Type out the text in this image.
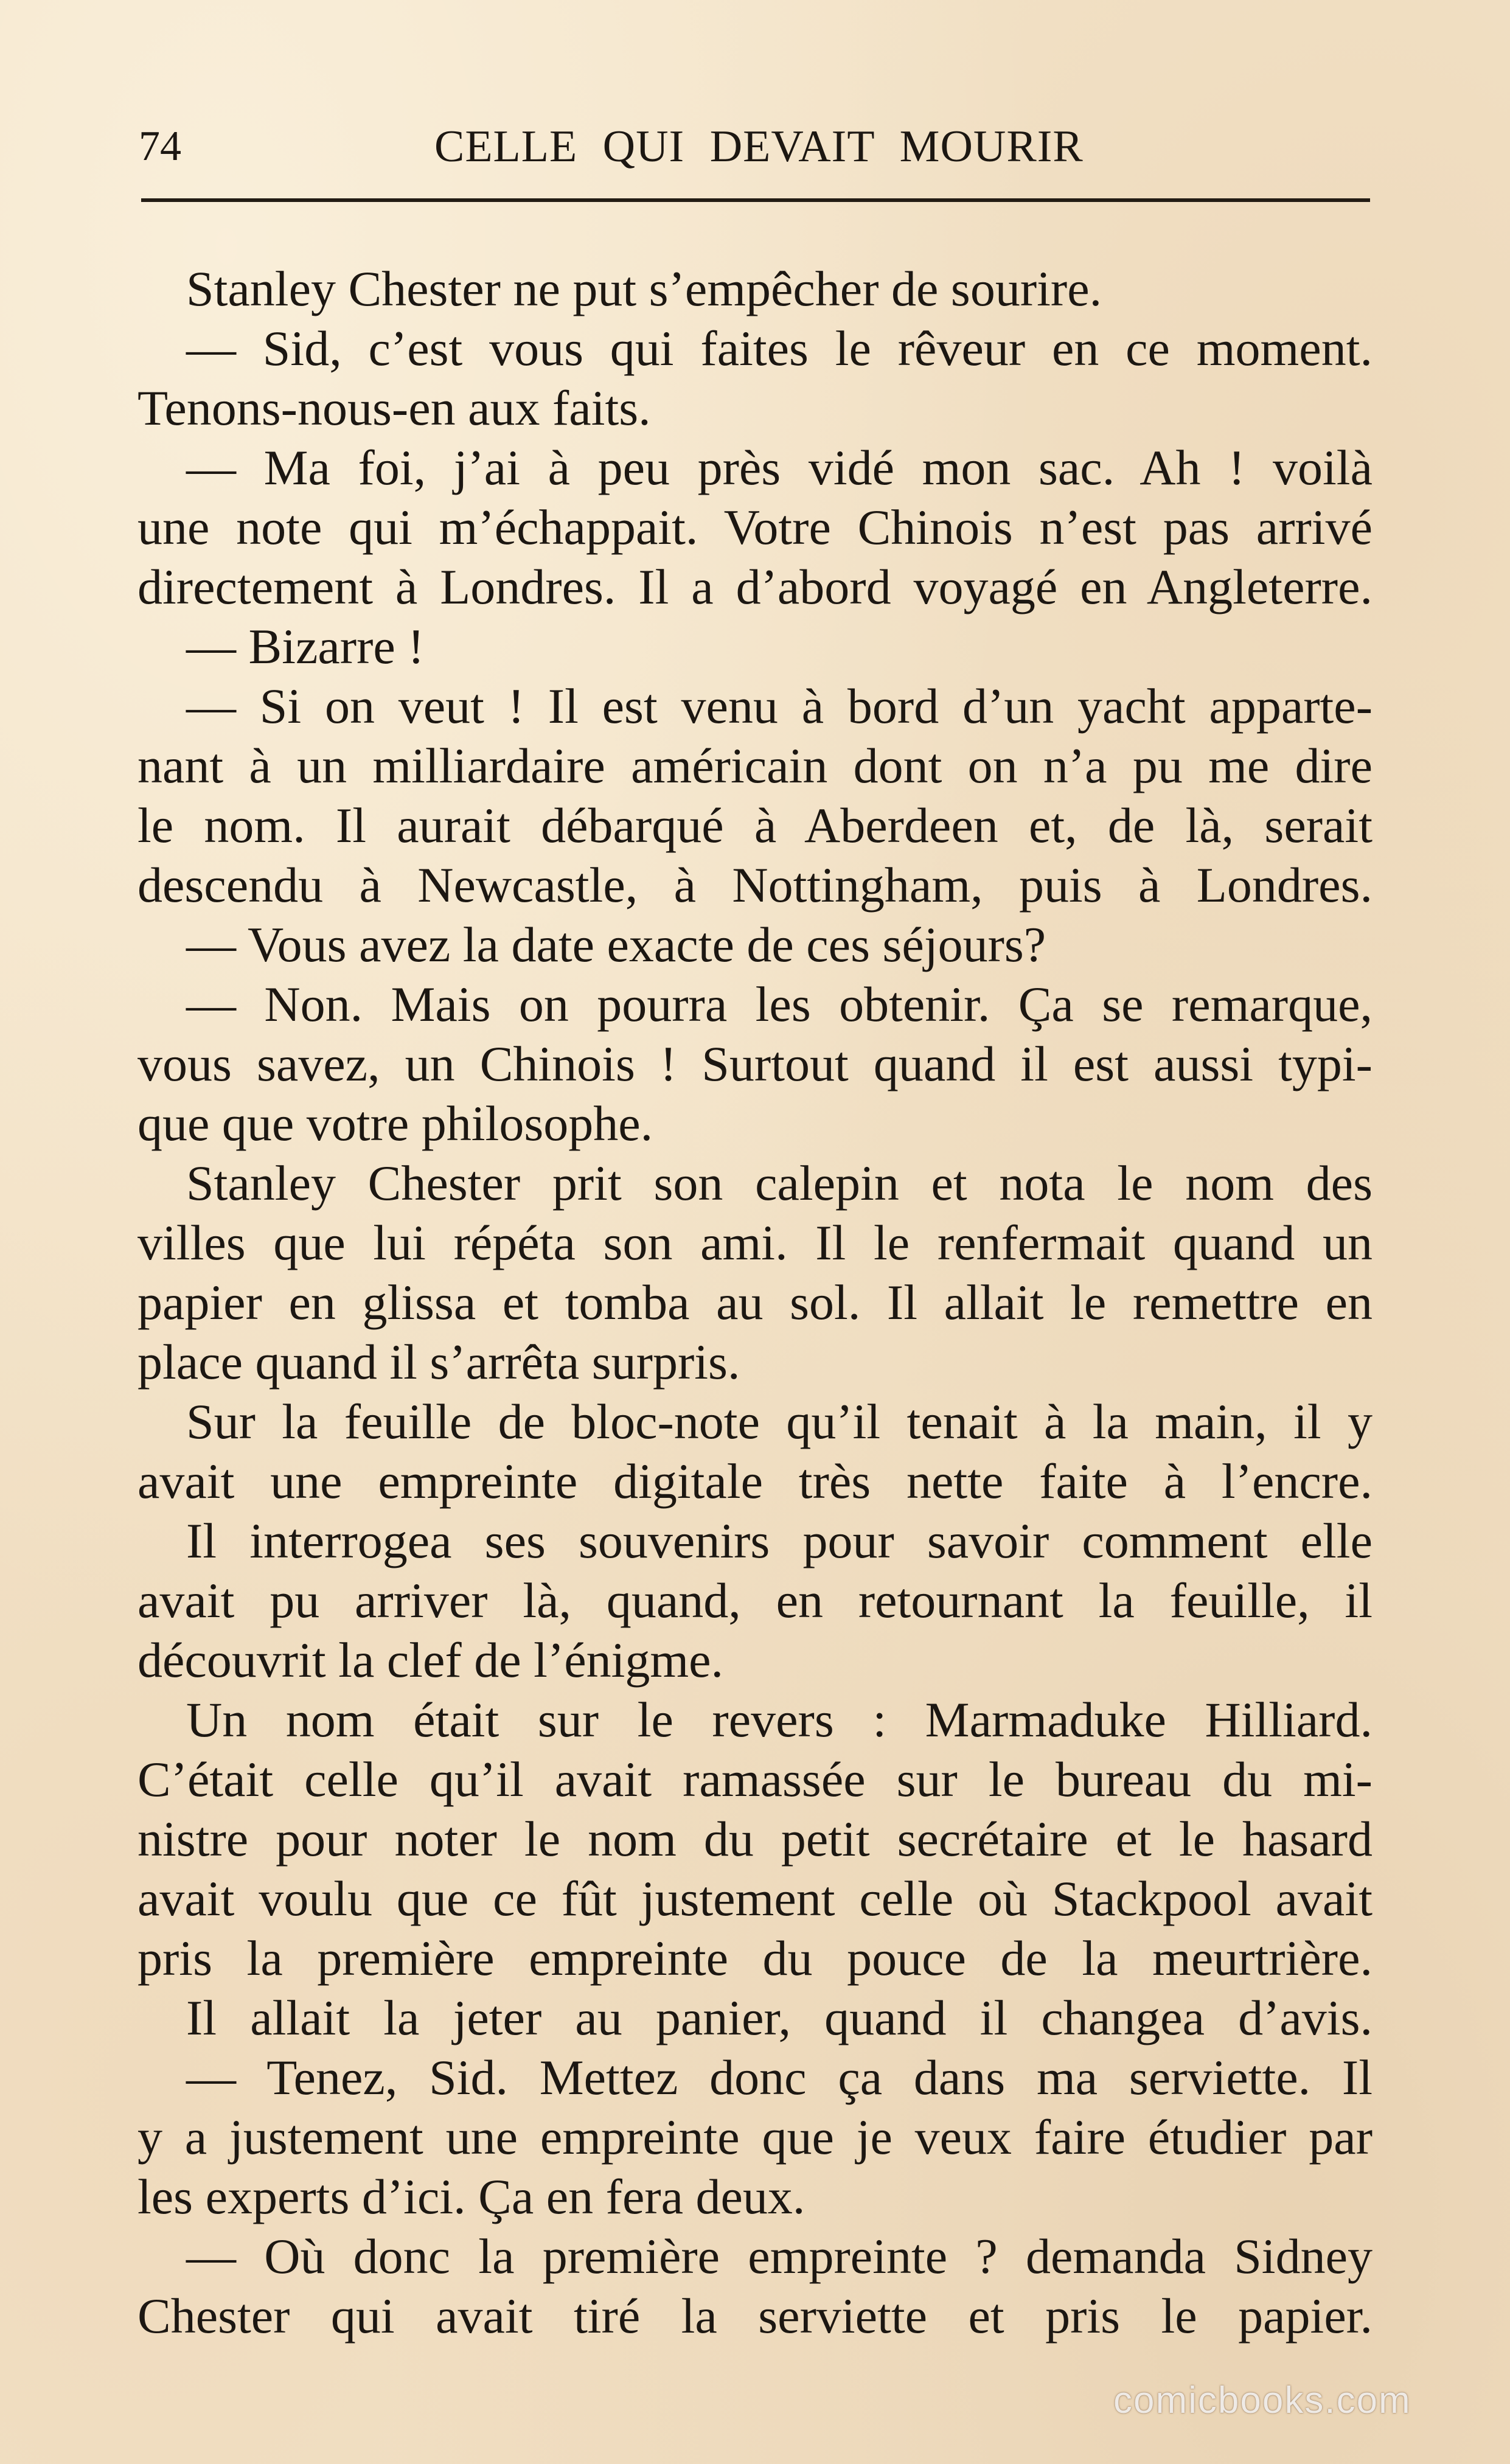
74	CELLE QUI DEVAIT MOURIR
Stanley Chester ne put s’empêcher de sourire.
— Sid, c’est vous qui faites le rêveur en ce moment.
Tenons-nous-en aux faits.
— Ma foi, j’ai à peu près vidé mon sac. Ah ! voilà
une note qui m’échappait. Votre Chinois n’est pas arrivé
directement à Londres. Il a d’abord voyagé en Angleterre.
— Bizarre !
— Si on veut ! Il est venu à bord d’un yacht apparte-
nant à un milliardaire américain dont on n’a pu me dire
le nom. Il aurait débarqué à Aberdeen et, de là, serait
descendu à Newcastle, à Nottingham, puis à Londres.
— Vous avez la date exacte de ces séjours?
— Non. Mais on pourra les obtenir. Ça se remarque,
vous savez, un Chinois ! Surtout quand il est aussi typi-
que que votre philosophe.
Stanley Chester prit son calepin et nota le nom des
villes que lui répéta son ami. Il le renfermait quand un
papier en glissa et tomba au sol. Il allait le remettre en
place quand il s’arrêta surpris.
Sur la feuille de bloc-note qu’il tenait à la main, il y
avait une empreinte digitale très nette faite à l’encre.
Il interrogea ses souvenirs pour savoir comment elle
avait pu arriver là, quand, en retournant la feuille, il
découvrit la clef de l’énigme.
Un nom était sur le revers : Marmaduke Hilliard.
C’était celle qu’il avait ramassée sur le bureau du mi-
nistre pour noter le nom du petit secrétaire et le hasard
avait voulu que ce fût justement celle où Stackpool avait
pris la première empreinte du pouce de la meurtrière.
Il allait la jeter au panier, quand il changea d’avis.
— Tenez, Sid. Mettez donc ça dans ma serviette. Il
y a justement une empreinte que je veux faire étudier par
les experts d’ici. Ça en fera deux.
— Où donc la première empreinte ? demanda Sidney
Chester qui avait tiré la serviette et pris le papier.
comicbooks.com
